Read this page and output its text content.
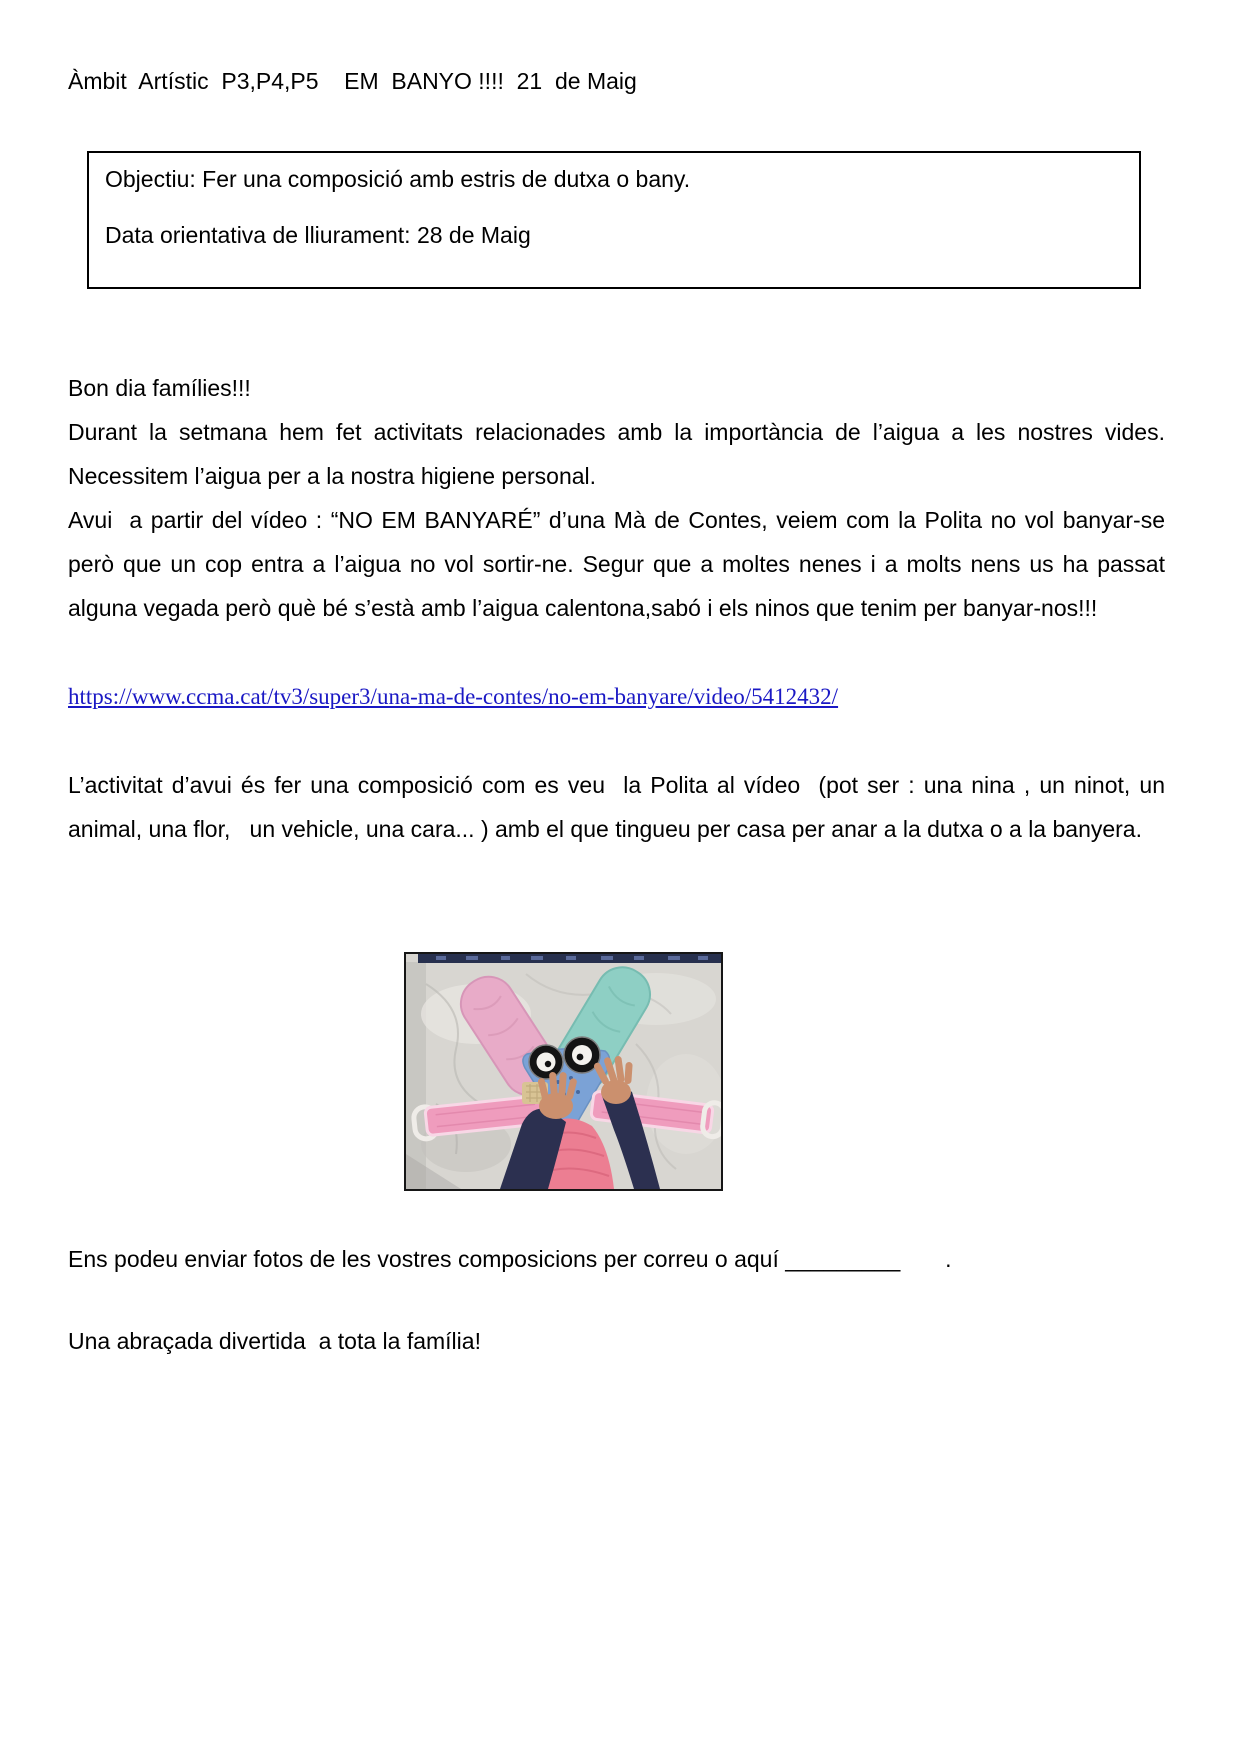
Àmbit  Artístic  P3,P4,P5    EM  BANYO !!!!  21  de Maig

Objectiu: Fer una composició amb estris de dutxa o bany.

Data orientativa de lliurament: 28 de Maig

Bon dia famílies!!!

Durant la setmana hem fet activitats relacionades amb la importància de l’aigua a les nostres vides. Necessitem l’aigua per a la nostra higiene personal.

Avui  a partir del vídeo : “NO EM BANYARÉ” d’una Mà de Contes, veiem com la Polita no vol banyar-se però que un cop entra a l’aigua no vol sortir-ne. Segur que a moltes nenes i a molts nens us ha passat alguna vegada però què bé s’està amb l’aigua calentona,sabó i els ninos que tenim per banyar-nos!!!

https://www.ccma.cat/tv3/super3/una-ma-de-contes/no-em-banyare/video/5412432/

L’activitat d’avui és fer una composició com es veu  la Polita al vídeo  (pot ser : una nina , un ninot, un animal, una flor,   un vehicle, una cara... ) amb el que tingueu per casa per anar a la dutxa o a la banyera.

Ens podeu enviar fotos de les vostres composicions per correu o aquí _________       .

Una abraçada divertida  a tota la família!
